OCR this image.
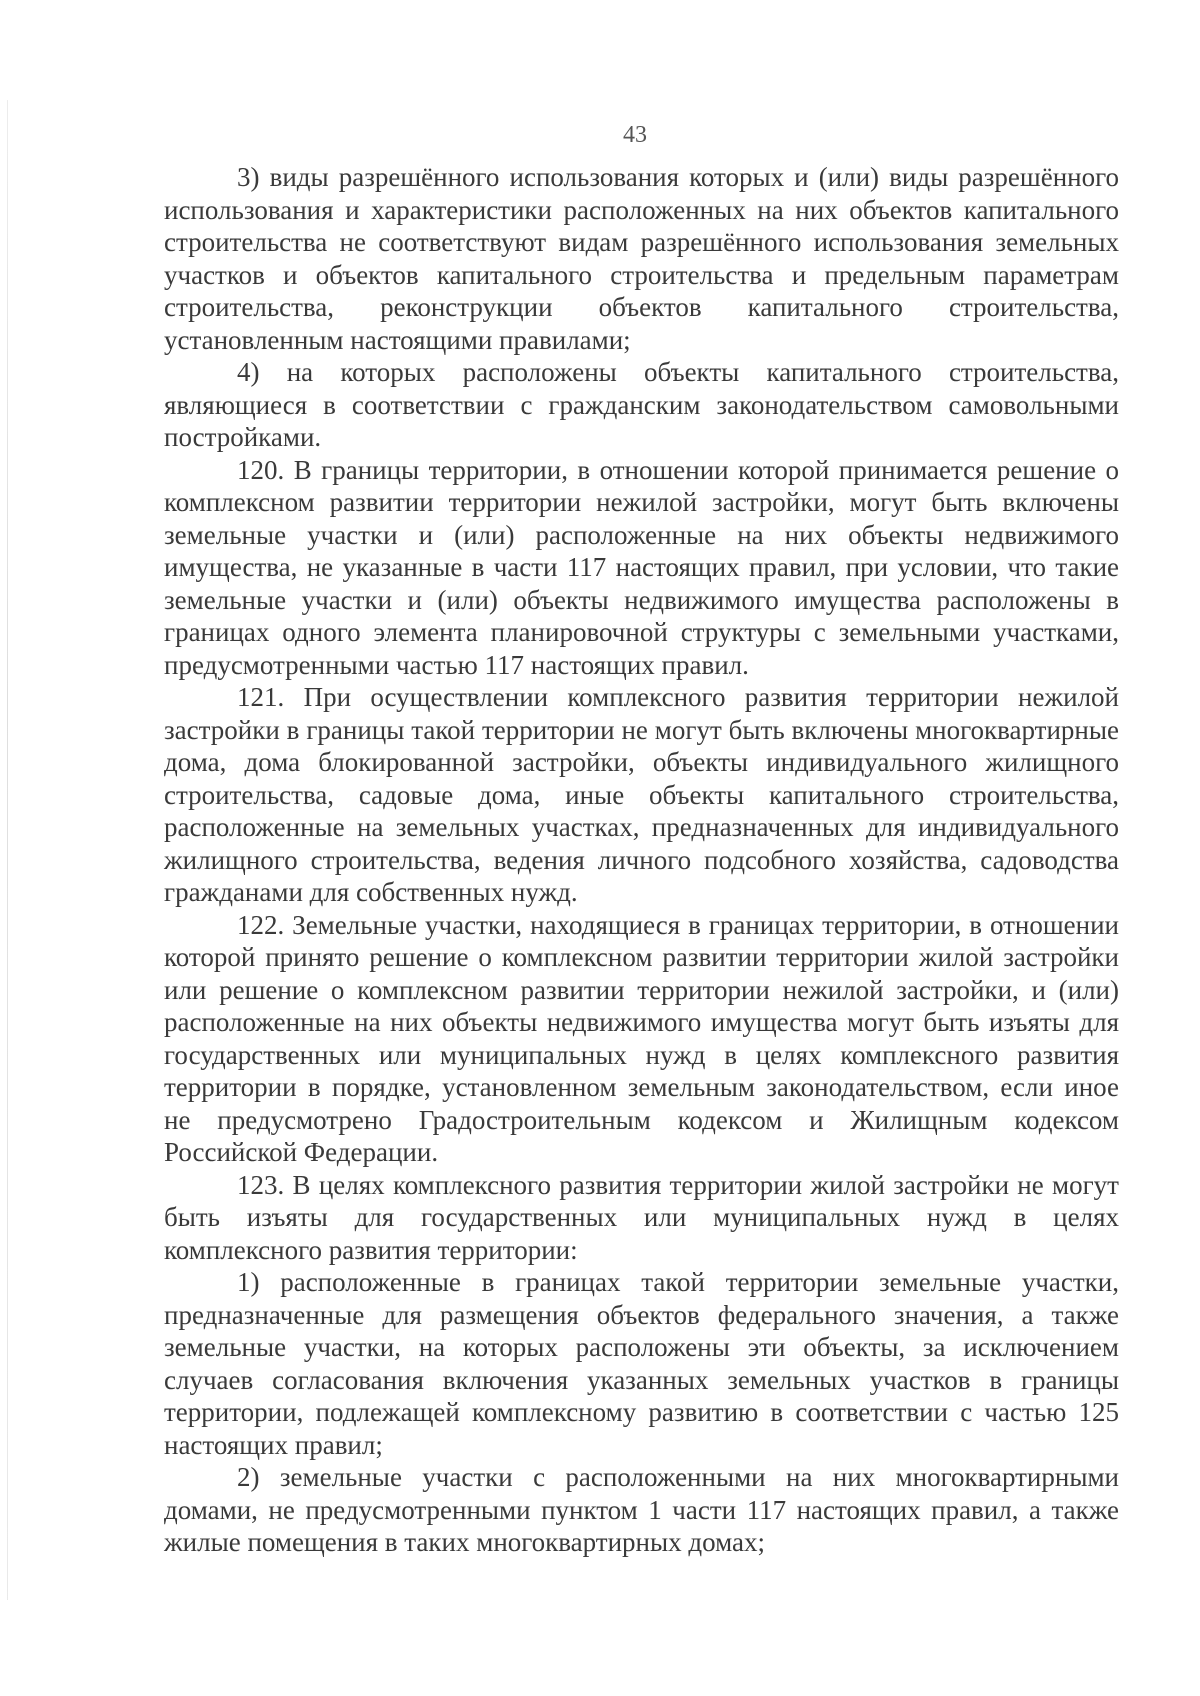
43

3) виды разрешённого использования которых и (или) виды разрешённого использования и характеристики расположенных на них объектов капитального строительства не соответствуют видам разрешённого использования земельных участков и объектов капитального строительства и предельным параметрам строительства, реконструкции объектов капитального строительства, установленным настоящими правилами;

4) на которых расположены объекты капитального строительства, являющиеся в соответствии с гражданским законодательством самовольными постройками.

120. В границы территории, в отношении которой принимается решение о комплексном развитии территории нежилой застройки, могут быть включены земельные участки и (или) расположенные на них объекты недвижимого имущества, не указанные в части 117 настоящих правил, при условии, что такие земельные участки и (или) объекты недвижимого имущества расположены в границах одного элемента планировочной структуры с земельными участками, предусмотренными частью 117 настоящих правил.

121. При осуществлении комплексного развития территории нежилой застройки в границы такой территории не могут быть включены многоквартирные дома, дома блокированной застройки, объекты индивидуального жилищного строительства, садовые дома, иные объекты капитального строительства, расположенные на земельных участках, предназначенных для индивидуального жилищного строительства, ведения личного подсобного хозяйства, садоводства гражданами для собственных нужд.

122. Земельные участки, находящиеся в границах территории, в отношении которой принято решение о комплексном развитии территории жилой застройки или решение о комплексном развитии территории нежилой застройки, и (или) расположенные на них объекты недвижимого имущества могут быть изъяты для государственных или муниципальных нужд в целях комплексного развития территории в порядке, установленном земельным законодательством, если иное не предусмотрено Градостроительным кодексом и Жилищным кодексом Российской Федерации.

123. В целях комплексного развития территории жилой застройки не могут быть изъяты для государственных или муниципальных нужд в целях комплексного развития территории:

1) расположенные в границах такой территории земельные участки, предназначенные для размещения объектов федерального значения, а также земельные участки, на которых расположены эти объекты, за исключением случаев согласования включения указанных земельных участков в границы территории, подлежащей комплексному развитию в соответствии с частью 125 настоящих правил;

2) земельные участки с расположенными на них многоквартирными домами, не предусмотренными пунктом 1 части 117 настоящих правил, а также жилые помещения в таких многоквартирных домах;
